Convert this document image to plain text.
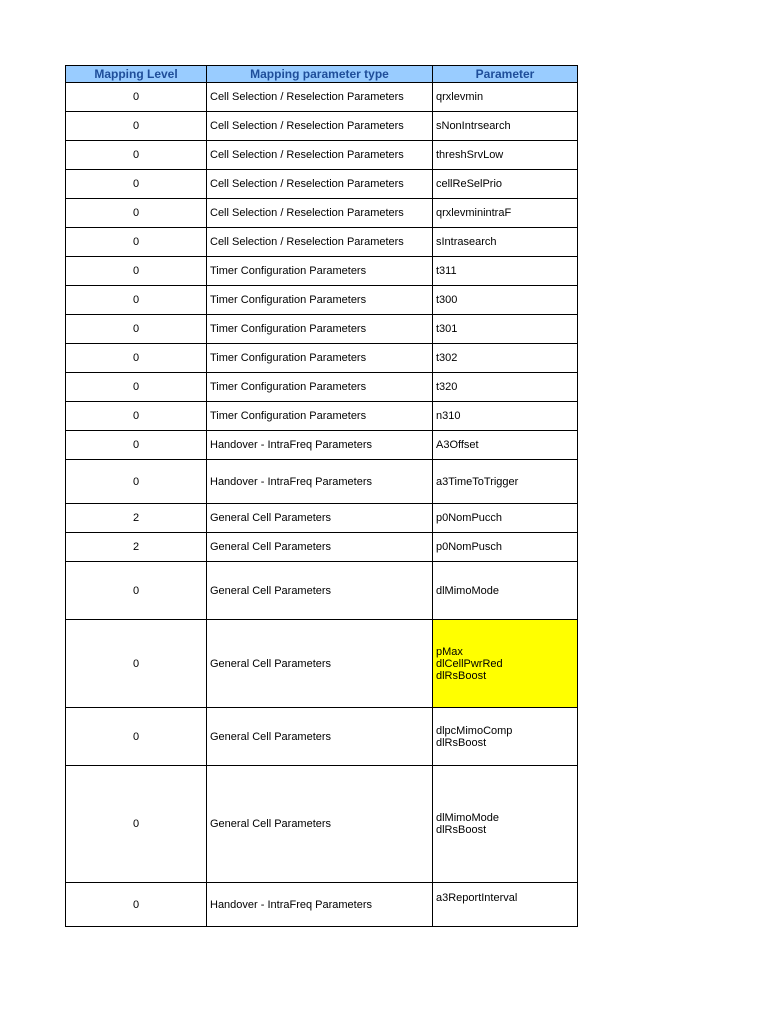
Mapping Level	Mapping parameter type	Parameter
0	Cell Selection / Reselection Parameters	qrxlevmin

0	Cell Selection / Reselection Parameters	sNonIntrsearch

0	Cell Selection / Reselection Parameters	threshSrvLow

0	Cell Selection / Reselection Parameters	cellReSelPrio

0	Cell Selection / Reselection Parameters	qrxlevminintraF

0	Cell Selection / Reselection Parameters	sIntrasearch

0	Timer Configuration Parameters	t311

0	Timer Configuration Parameters	t300

0	Timer Configuration Parameters	t301

0	Timer Configuration Parameters	t302

0	Timer Configuration Parameters	t320

0	Timer Configuration Parameters	n310

0	Handover - IntraFreq Parameters	A3Offset

0	Handover - IntraFreq Parameters	a3TimeToTrigger

2	General Cell Parameters	p0NomPucch

2	General Cell Parameters	p0NomPusch

0	General Cell Parameters	dlMimoMode

0	General Cell Parameters	pMax
dlCellPwrRed
dlRsBoost

0	General Cell Parameters	dlpcMimoComp
dlRsBoost

0	General Cell Parameters	dlMimoMode
dlRsBoost

0	Handover - IntraFreq Parameters	a3ReportInterval
